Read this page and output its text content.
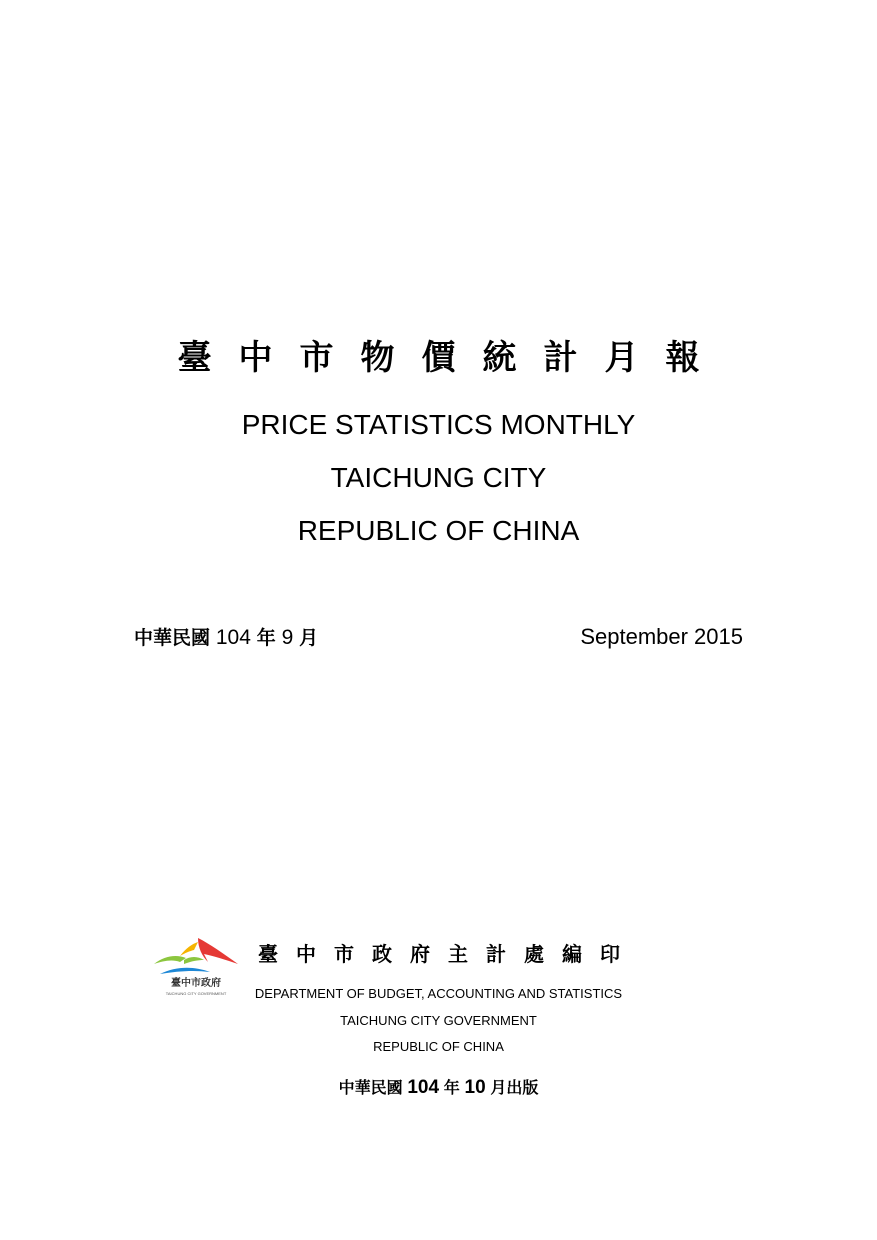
臺中市物價統計月報
PRICE STATISTICS MONTHLY
TAICHUNG CITY
REPUBLIC OF CHINA
中華民國 104 年 9 月	September 2015
臺中市政府
TAICHUNG CITY GOVERNMENT
臺中市政府主計處編印
DEPARTMENT OF BUDGET, ACCOUNTING AND STATISTICS
TAICHUNG CITY GOVERNMENT
REPUBLIC OF CHINA
中華民國 104 年 10 月出版
